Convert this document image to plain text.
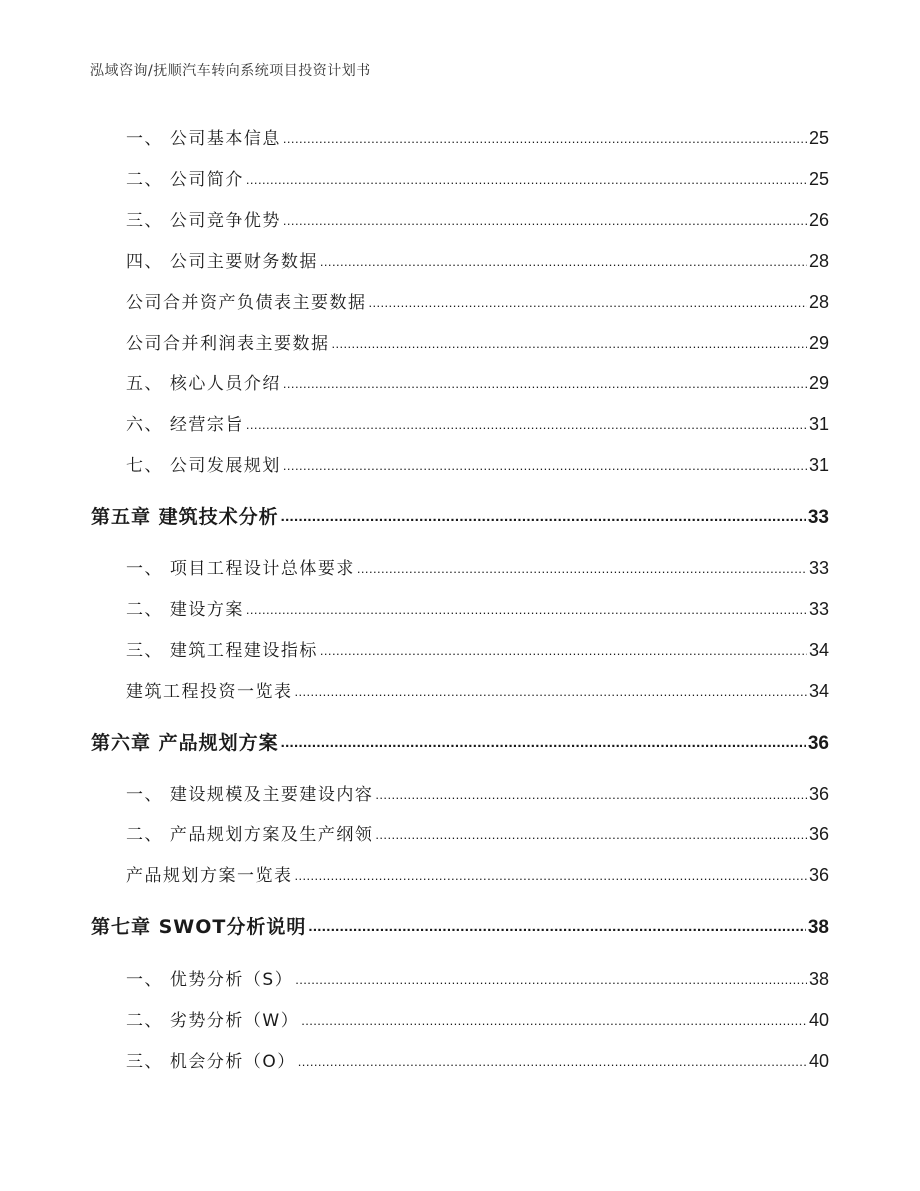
泓域咨询/抚顺汽车转向系统项目投资计划书
一、 公司基本信息 .....	25
二、 公司简介 .....	25
三、 公司竞争优势 .....	26
四、 公司主要财务数据 .....	28
公司合并资产负债表主要数据 .....	28
公司合并利润表主要数据 .....	29
五、 核心人员介绍 .....	29
六、 经营宗旨 .....	31
七、 公司发展规划 .....	31
第五章 建筑技术分析 .....	33
一、 项目工程设计总体要求 .....	33
二、 建设方案 .....	33
三、 建筑工程建设指标 .....	34
建筑工程投资一览表 .....	34
第六章 产品规划方案 .....	36
一、 建设规模及主要建设内容 .....	36
二、 产品规划方案及生产纲领 .....	36
产品规划方案一览表 .....	36
第七章 SWOT分析说明 .....	38
一、 优势分析（S） .....	38
二、 劣势分析（W） .....	40
三、 机会分析（O） .....	40
